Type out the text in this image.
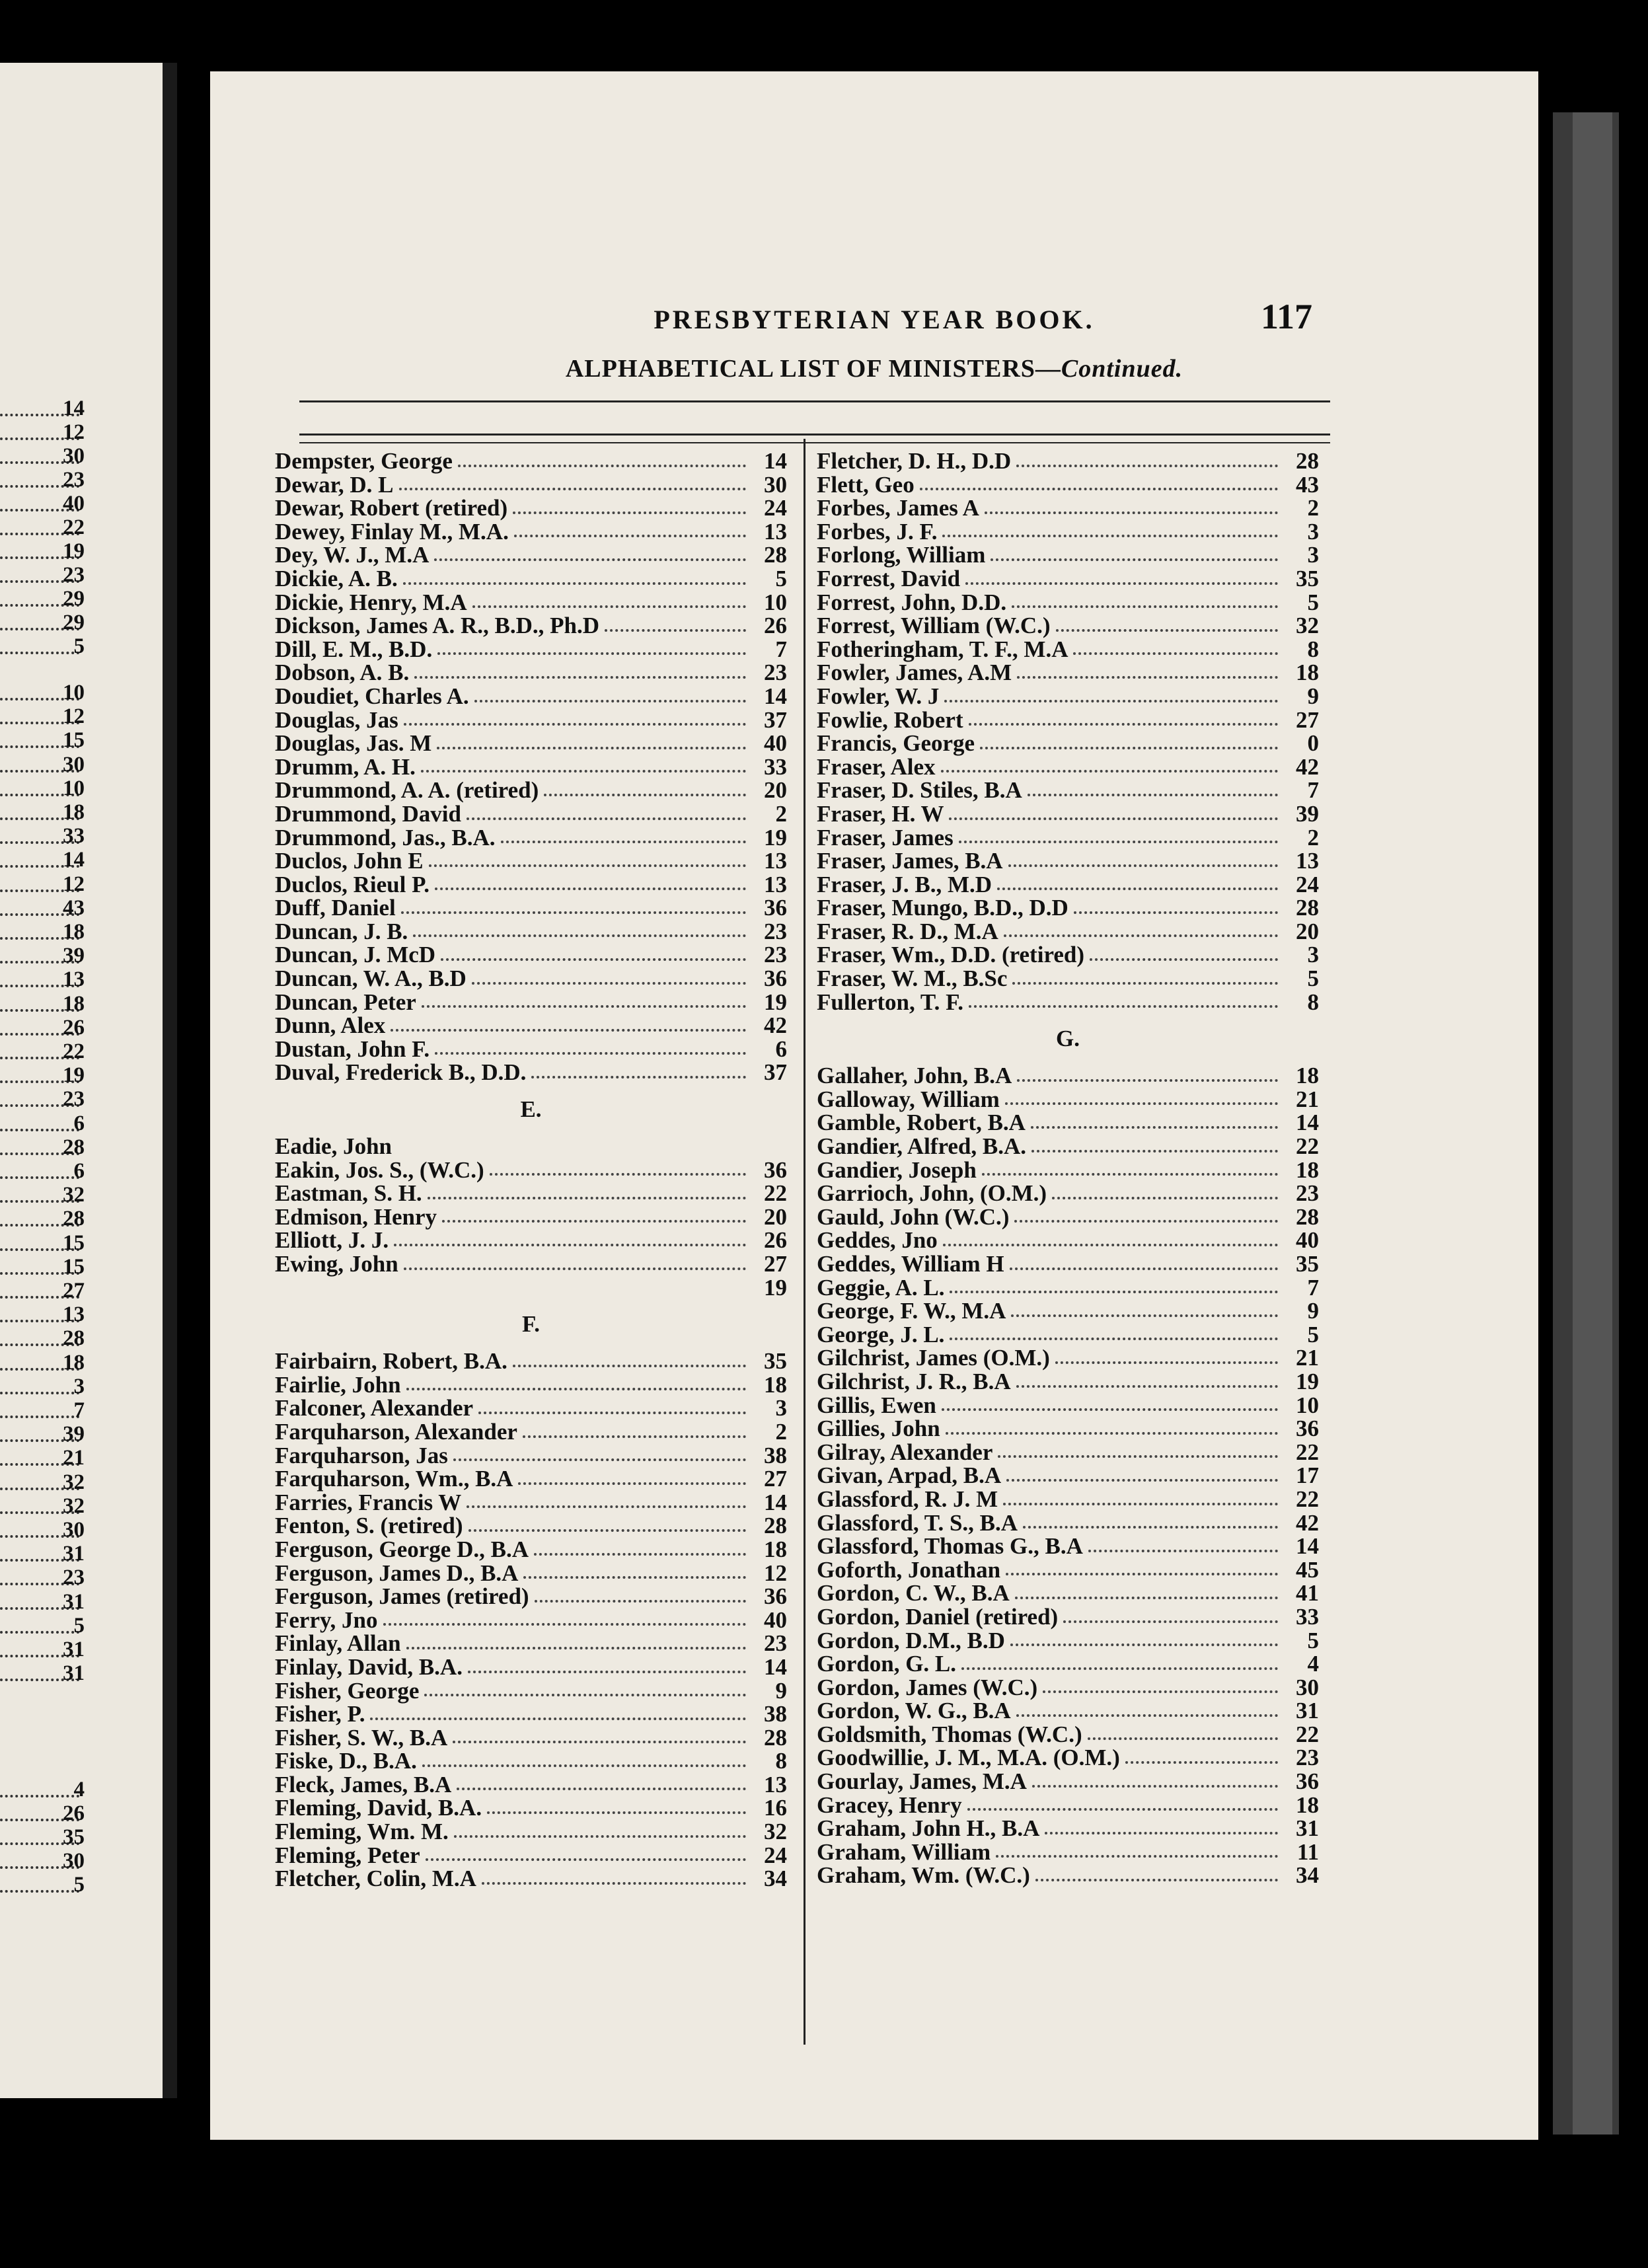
14
12
30
23
40
22
19
23
29
29
5
10
12
15
30
10
18
33
14
12
43
18
39
13
18
26
22
19
23
6
28
6
32
28
15
15
27
13
28
18
3
7
39
21
32
32
30
31
23
31
5
31
31
4
26
35
30
5
PRESBYTERIAN YEAR BOOK.	117
ALPHABETICAL LIST OF MINISTERS—Continued.
Dempster, George	14
Dewar, D. L	30
Dewar, Robert (retired)	24
Dewey, Finlay M., M.A.	13
Dey, W. J., M.A	28
Dickie, A. B.	5
Dickie, Henry, M.A	10
Dickson, James A. R., B.D., Ph.D	26
Dill, E. M., B.D.	7
Dobson, A. B.	23
Doudiet, Charles A.	14
Douglas, Jas	37
Douglas, Jas. M	40
Drumm, A. H.	33
Drummond, A. A. (retired)	20
Drummond, David	2
Drummond, Jas., B.A.	19
Duclos, John E	13
Duclos, Rieul P.	13
Duff, Daniel	36
Duncan, J. B.	23
Duncan, J. McD	23
Duncan, W. A., B.D	36
Duncan, Peter	19
Dunn, Alex	42
Dustan, John F.	6
Duval, Frederick B., D.D.	37
E.
Eadie, John
Eakin, Jos. S., (W.C.)	36
Eastman, S. H.	22
Edmison, Henry	20
Elliott, J. J.	26
Ewing, John	27
19
F.
Fairbairn, Robert, B.A.	35
Fairlie, John	18
Falconer, Alexander	3
Farquharson, Alexander	2
Farquharson, Jas	38
Farquharson, Wm., B.A	27
Farries, Francis W	14
Fenton, S. (retired)	28
Ferguson, George D., B.A	18
Ferguson, James D., B.A	12
Ferguson, James (retired)	36
Ferry, Jno	40
Finlay, Allan	23
Finlay, David, B.A.	14
Fisher, George	9
Fisher, P.	38
Fisher, S. W., B.A	28
Fiske, D., B.A.	8
Fleck, James, B.A	13
Fleming, David, B.A.	16
Fleming, Wm. M.	32
Fleming, Peter	24
Fletcher, Colin, M.A	34
Fletcher, D. H., D.D	28
Flett, Geo	43
Forbes, James A	2
Forbes, J. F.	3
Forlong, William	3
Forrest, David	35
Forrest, John, D.D.	5
Forrest, William (W.C.)	32
Fotheringham, T. F., M.A	8
Fowler, James, A.M	18
Fowler, W. J	9
Fowlie, Robert	27
Francis, George	0
Fraser, Alex	42
Fraser, D. Stiles, B.A	7
Fraser, H. W	39
Fraser, James	2
Fraser, James, B.A	13
Fraser, J. B., M.D	24
Fraser, Mungo, B.D., D.D	28
Fraser, R. D., M.A	20
Fraser, Wm., D.D. (retired)	3
Fraser, W. M., B.Sc	5
Fullerton, T. F.	8
G.
Gallaher, John, B.A	18
Galloway, William	21
Gamble, Robert, B.A	14
Gandier, Alfred, B.A.	22
Gandier, Joseph	18
Garrioch, John, (O.M.)	23
Gauld, John (W.C.)	28
Geddes, Jno	40
Geddes, William H	35
Geggie, A. L.	7
George, F. W., M.A	9
George, J. L.	5
Gilchrist, James (O.M.)	21
Gilchrist, J. R., B.A	19
Gillis, Ewen	10
Gillies, John	36
Gilray, Alexander	22
Givan, Arpad, B.A	17
Glassford, R. J. M	22
Glassford, T. S., B.A	42
Glassford, Thomas G., B.A	14
Goforth, Jonathan	45
Gordon, C. W., B.A	41
Gordon, Daniel (retired)	33
Gordon, D.M., B.D	5
Gordon, G. L.	4
Gordon, James (W.C.)	30
Gordon, W. G., B.A	31
Goldsmith, Thomas (W.C.)	22
Goodwillie, J. M., M.A. (O.M.)	23
Gourlay, James, M.A	36
Gracey, Henry	18
Graham, John H., B.A	31
Graham, William	11
Graham, Wm. (W.C.)	34
